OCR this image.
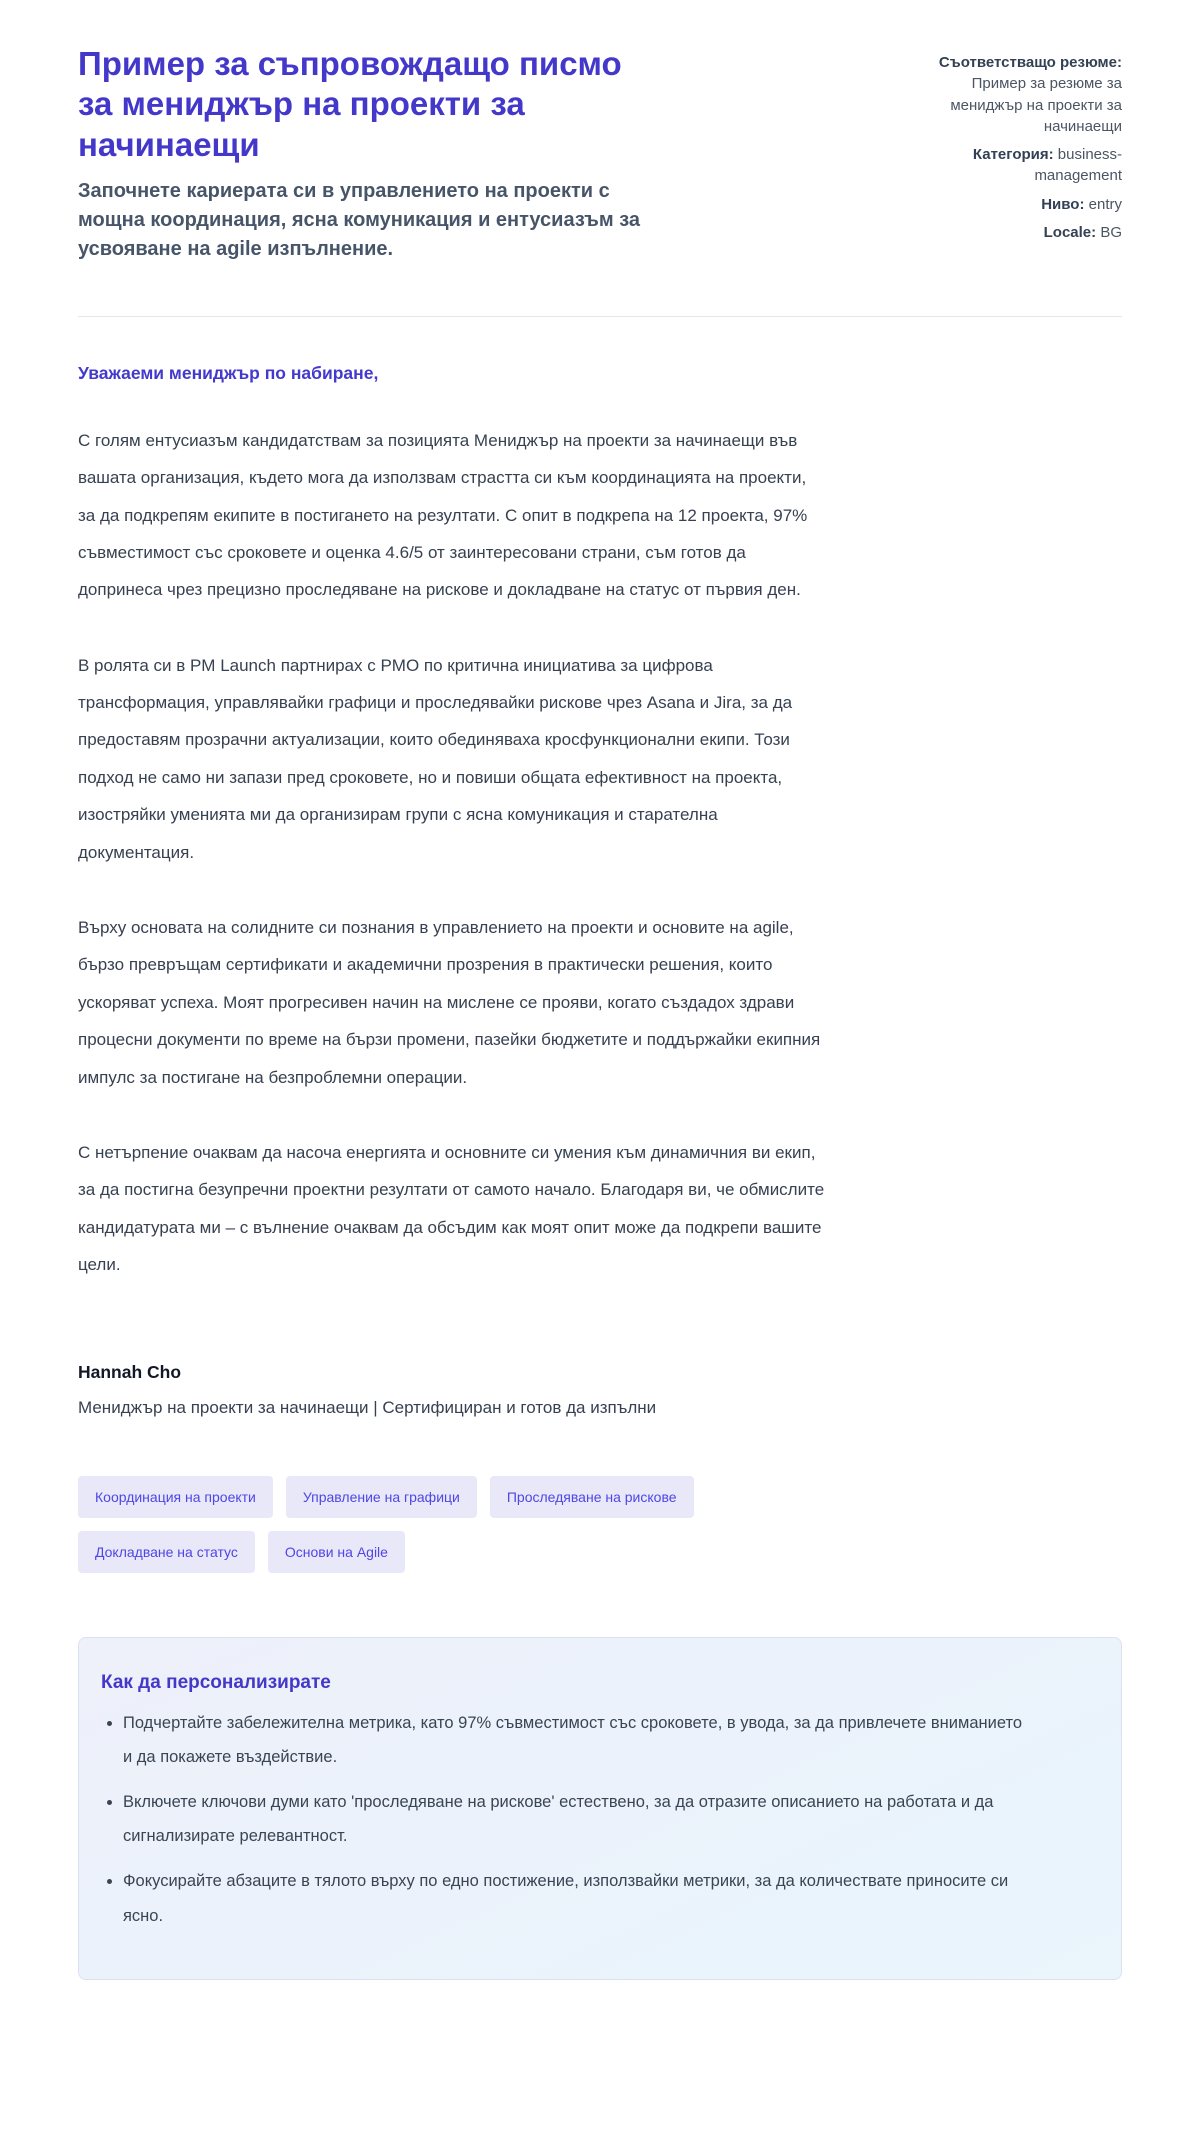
Пример за съпровождащо писмо за мениджър на проекти за начинаещи

Започнете кариерата си в управлението на проекти с мощна координация, ясна комуникация и ентусиазъм за усвояване на agile изпълнение.

Съответстващо резюме:
Пример за резюме за мениджър на проекти за начинаещи
Категория: business-management
Ниво: entry
Locale: BG

Уважаеми мениджър по набиране,

С голям ентусиазъм кандидатствам за позицията Мениджър на проекти за начинаещи във вашата организация, където мога да използвам страстта си към координацията на проекти, за да подкрепям екипите в постигането на резултати. С опит в подкрепа на 12 проекта, 97% съвместимост със сроковете и оценка 4.6/5 от заинтересовани страни, съм готов да допринеса чрез прецизно проследяване на рискове и докладване на статус от първия ден.

В ролята си в PM Launch партнирах с PMO по критична инициатива за цифрова трансформация, управлявайки графици и проследявайки рискове чрез Asana и Jira, за да предоставям прозрачни актуализации, които обединяваха кросфункционални екипи. Този подход не само ни запази пред сроковете, но и повиши общата ефективност на проекта, изостряйки уменията ми да организирам групи с ясна комуникация и старателна документация.

Върху основата на солидните си познания в управлението на проекти и основите на agile, бързо превръщам сертификати и академични прозрения в практически решения, които ускоряват успеха. Моят прогресивен начин на мислене се прояви, когато създадох здрави процесни документи по време на бързи промени, пазейки бюджетите и поддържайки екипния импулс за постигане на безпроблемни операции.

С нетърпение очаквам да насоча енергията и основните си умения към динамичния ви екип, за да постигна безупречни проектни резултати от самото начало. Благодаря ви, че обмислите кандидатурата ми – с вълнение очаквам да обсъдим как моят опит може да подкрепи вашите цели.

Hannah Cho

Мениджър на проекти за начинаещи | Сертифициран и готов да изпълни

Координация на проекти	Управление на графици	Проследяване на рискове
Докладване на статус	Основи на Agile
Как да персонализирате
• Подчертайте забележителна метрика, като 97% съвместимост със сроковете, в увода, за да привлечете вниманието и да покажете въздействие.
• Включете ключови думи като 'проследяване на рискове' естествено, за да отразите описанието на работата и да сигнализирате релевантност.
• Фокусирайте абзаците в тялото върху по едно постижение, използвайки метрики, за да количествате приносите си ясно.
